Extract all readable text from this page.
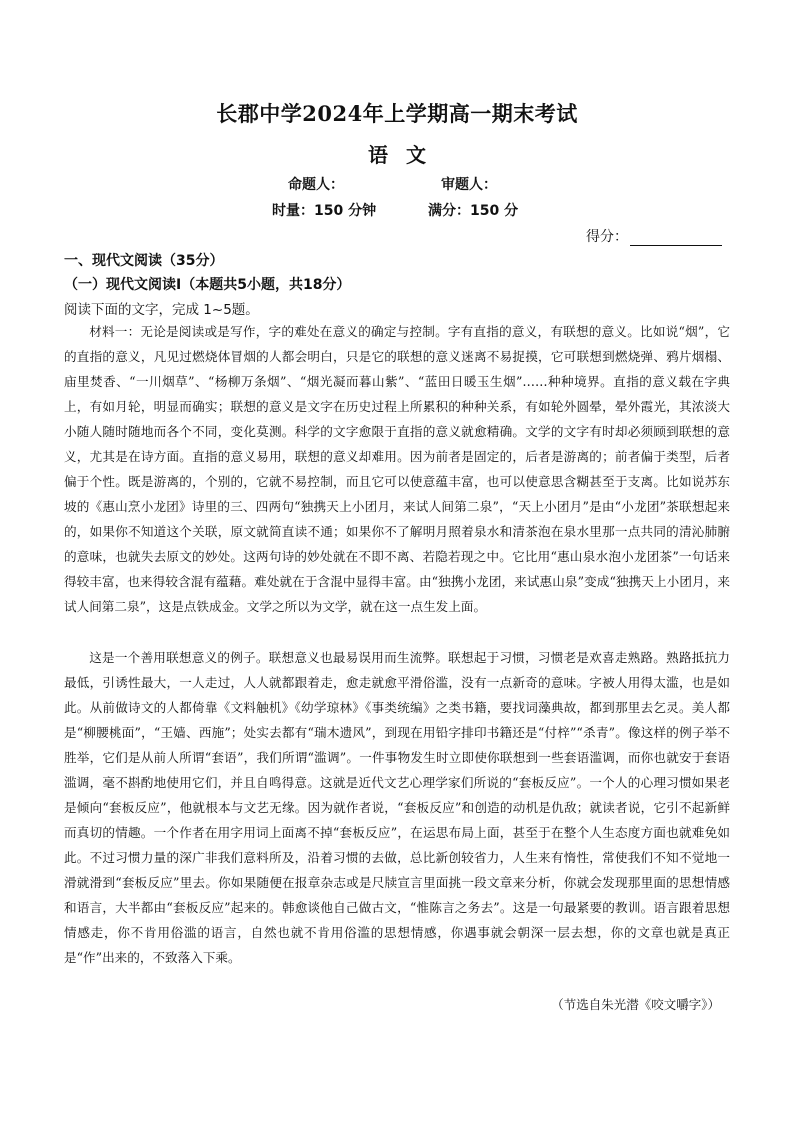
长郡中学2024年上学期高一期末考试
语文
命题人：	审题人：
时量：150 分钟	满分：150 分
得分：
一、现代文阅读（35分）
（一）现代文阅读Ⅰ（本题共5小题，共18分）
阅读下面的文字，完成 1~5题。

材料一：无论是阅读或是写作，字的难处在意义的确定与控制。字有直指的意义，有联想的意义。比如说“烟”，它的直指的意义，凡见过燃烧体冒烟的人都会明白，只是它的联想的意义迷离不易捉摸，它可联想到燃烧弹、鸦片烟榻、庙里焚香、“一川烟草”、“杨柳万条烟”、“烟光凝而暮山紫”、“蓝田日暖玉生烟”……种种境界。直指的意义载在字典上，有如月轮，明显而确实；联想的意义是文字在历史过程上所累积的种种关系，有如轮外圆晕，晕外霞光，其浓淡大小随人随时随地而各个不同，变化莫测。科学的文字愈限于直指的意义就愈精确。文学的文字有时却必须顾到联想的意义，尤其是在诗方面。直指的意义易用，联想的意义却难用。因为前者是固定的，后者是游离的；前者偏于类型，后者偏于个性。既是游离的，个别的，它就不易控制，而且它可以使意蕴丰富，也可以使意思含糊甚至于支离。比如说苏东坡的《惠山烹小龙团》诗里的三、四两句“独携天上小团月，来试人间第二泉”，“天上小团月”是由“小龙团”茶联想起来的，如果你不知道这个关联，原文就简直读不通；如果你不了解明月照着泉水和清茶泡在泉水里那一点共同的清沁肺腑的意味，也就失去原文的妙处。这两句诗的妙处就在不即不离、若隐若现之中。它比用“惠山泉水泡小龙团茶”一句话来得较丰富，也来得较含混有蕴藉。难处就在于含混中显得丰富。由“独携小龙团，来试惠山泉”变成“独携天上小团月，来试人间第二泉”，这是点铁成金。文学之所以为文学，就在这一点生发上面。

这是一个善用联想意义的例子。联想意义也最易误用而生流弊。联想起于习惯，习惯老是欢喜走熟路。熟路抵抗力最低，引诱性最大，一人走过，人人就都跟着走，愈走就愈平滑俗滥，没有一点新奇的意味。字被人用得太滥，也是如此。从前做诗文的人都倚靠《文料触机》《幼学琼林》《事类统编》之类书籍，要找词藻典故，都到那里去乞灵。美人都是“柳腰桃面”，“王嫱、西施”；处实去都有“瑞木遗风”，到现在用铅字排印书籍还是“付梓”“杀青”。像这样的例子举不胜举，它们是从前人所谓“套语”，我们所谓“滥调”。一件事物发生时立即使你联想到一些套语滥调，而你也就安于套语滥调，毫不斟酌地使用它们，并且自鸣得意。这就是近代文艺心理学家们所说的“套板反应”。一个人的心理习惯如果老是倾向“套板反应”，他就根本与文艺无缘。因为就作者说，“套板反应”和创造的动机是仇敌；就读者说，它引不起新鲜而真切的情趣。一个作者在用字用词上面离不掉“套板反应”，在运思布局上面，甚至于在整个人生态度方面也就难免如此。不过习惯力量的深广非我们意料所及，沿着习惯的去做，总比新创较省力，人生来有惰性，常使我们不知不觉地一滑就滑到“套板反应”里去。你如果随便在报章杂志或是尺牍宣言里面挑一段文章来分析，你就会发现那里面的思想情感和语言，大半都由“套板反应”起来的。韩愈谈他自己做古文，“惟陈言之务去”。这是一句最紧要的教训。语言跟着思想情感走，你不肯用俗滥的语言，自然也就不肯用俗滥的思想情感，你遇事就会朝深一层去想，你的文章也就是真正是“作”出来的，不致落入下乘。

（节选自朱光潜《咬文嚼字》）
